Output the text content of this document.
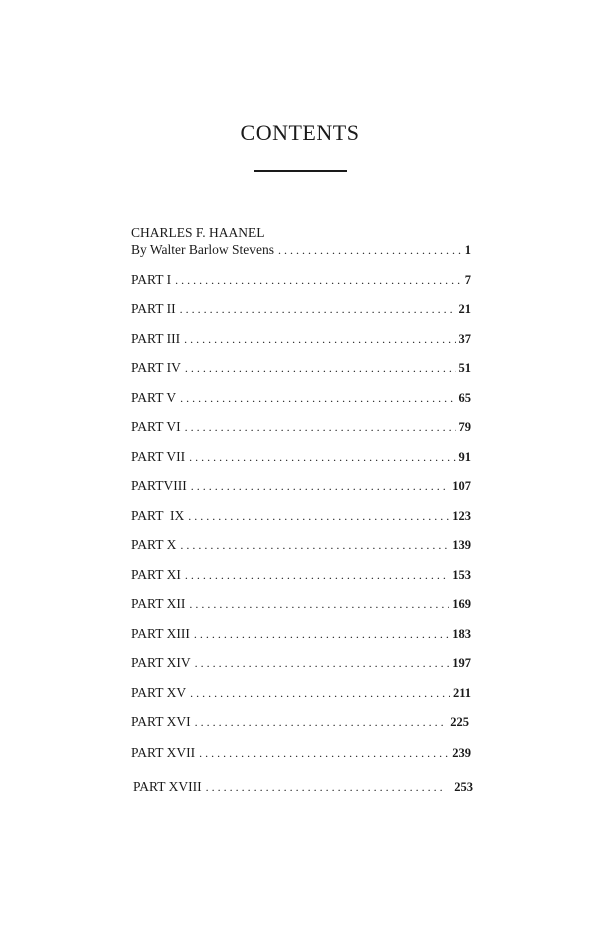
CONTENTS
CHARLES F. HAANEL
By Walter Barlow Stevens . . .	1
PART I . . .	7
PART II . . .	21
PART III . . .	37
PART IV . . .	51
PART V . . .	65
PART VI . . .	79
PART VII . . .	91
PARTVIII . . .	107
PART  IX . . .	123
PART X . . .	139
PART XI . . .	153
PART XII . . .	169
PART XIII . . .	183
PART XIV . . .	197
PART XV . . .	211
PART XVI . . .	225
PART XVII . . .	239
PART XVIII . . .	253
